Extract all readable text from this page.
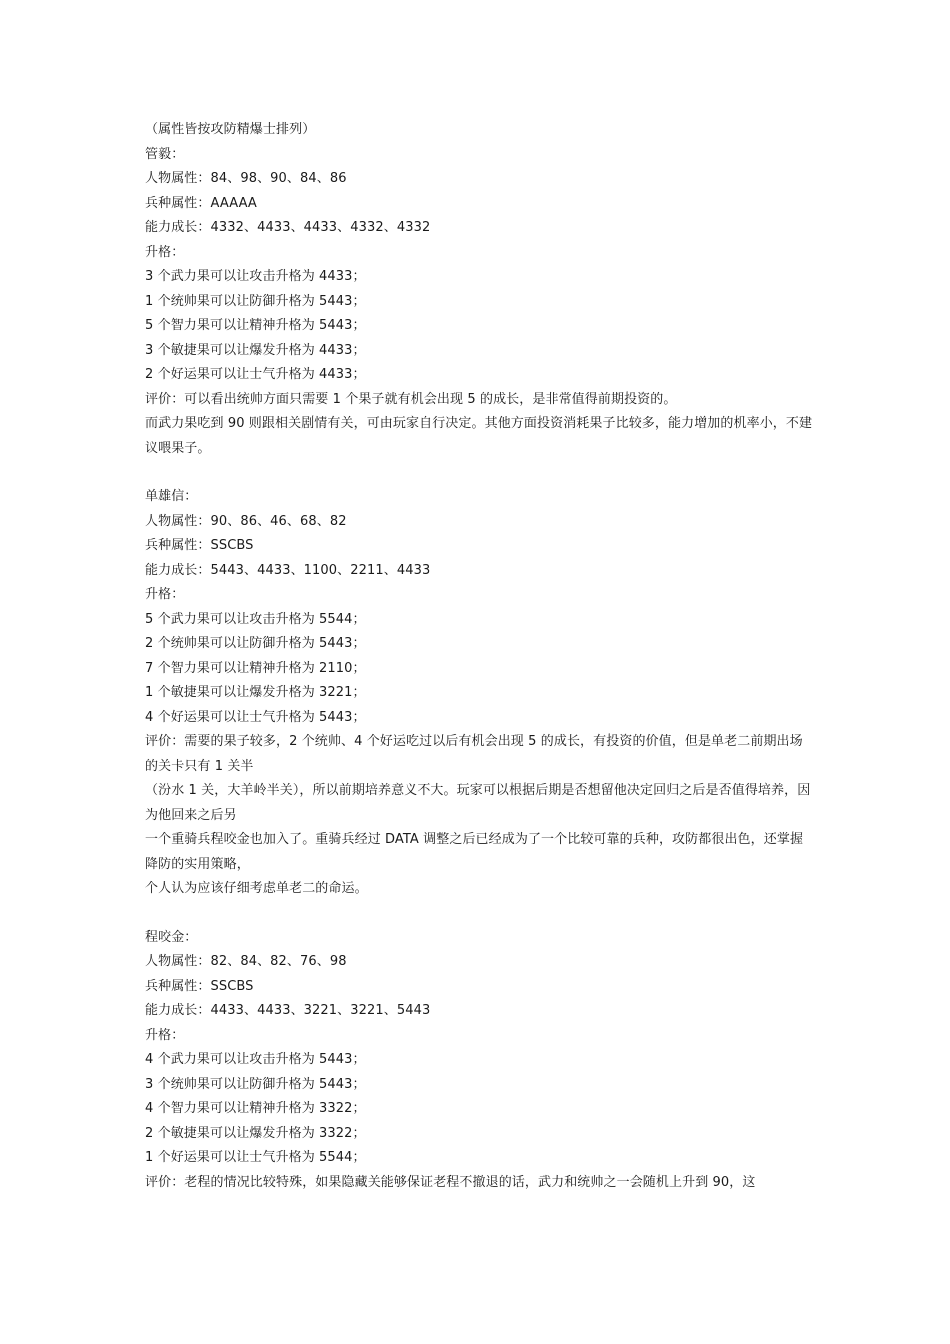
（属性皆按攻防精爆士排列）
管毅：
人物属性：84、98、90、84、86
兵种属性：AAAAA
能力成长：4332、4433、4433、4332、4332
升格：
3 个武力果可以让攻击升格为 4433；
1 个统帅果可以让防御升格为 5443；
5 个智力果可以让精神升格为 5443；
3 个敏捷果可以让爆发升格为 4433；
2 个好运果可以让士气升格为 4433；
评价：可以看出统帅方面只需要 1 个果子就有机会出现 5 的成长，是非常值得前期投资的。
而武力果吃到 90 则跟相关剧情有关，可由玩家自行决定。其他方面投资消耗果子比较多，能力增加的机率小，不建议喂果子。
单雄信：
人物属性：90、86、46、68、82
兵种属性：SSCBS
能力成长：5443、4433、1100、2211、4433
升格：
5 个武力果可以让攻击升格为 5544；
2 个统帅果可以让防御升格为 5443；
7 个智力果可以让精神升格为 2110；
1 个敏捷果可以让爆发升格为 3221；
4 个好运果可以让士气升格为 5443；
评价：需要的果子较多，2 个统帅、4 个好运吃过以后有机会出现 5 的成长，有投资的价值，但是单老二前期出场的关卡只有 1 关半
（汾水 1 关，大羊岭半关），所以前期培养意义不大。玩家可以根据后期是否想留他决定回归之后是否值得培养，因为他回来之后另
一个重骑兵程咬金也加入了。重骑兵经过 DATA 调整之后已经成为了一个比较可靠的兵种，攻防都很出色，还掌握降防的实用策略，
个人认为应该仔细考虑单老二的命运。
程咬金：
人物属性：82、84、82、76、98
兵种属性：SSCBS
能力成长：4433、4433、3221、3221、5443
升格：
4 个武力果可以让攻击升格为 5443；
3 个统帅果可以让防御升格为 5443；
4 个智力果可以让精神升格为 3322；
2 个敏捷果可以让爆发升格为 3322；
1 个好运果可以让士气升格为 5544；
评价：老程的情况比较特殊，如果隐藏关能够保证老程不撤退的话，武力和统帅之一会随机上升到 90，这
